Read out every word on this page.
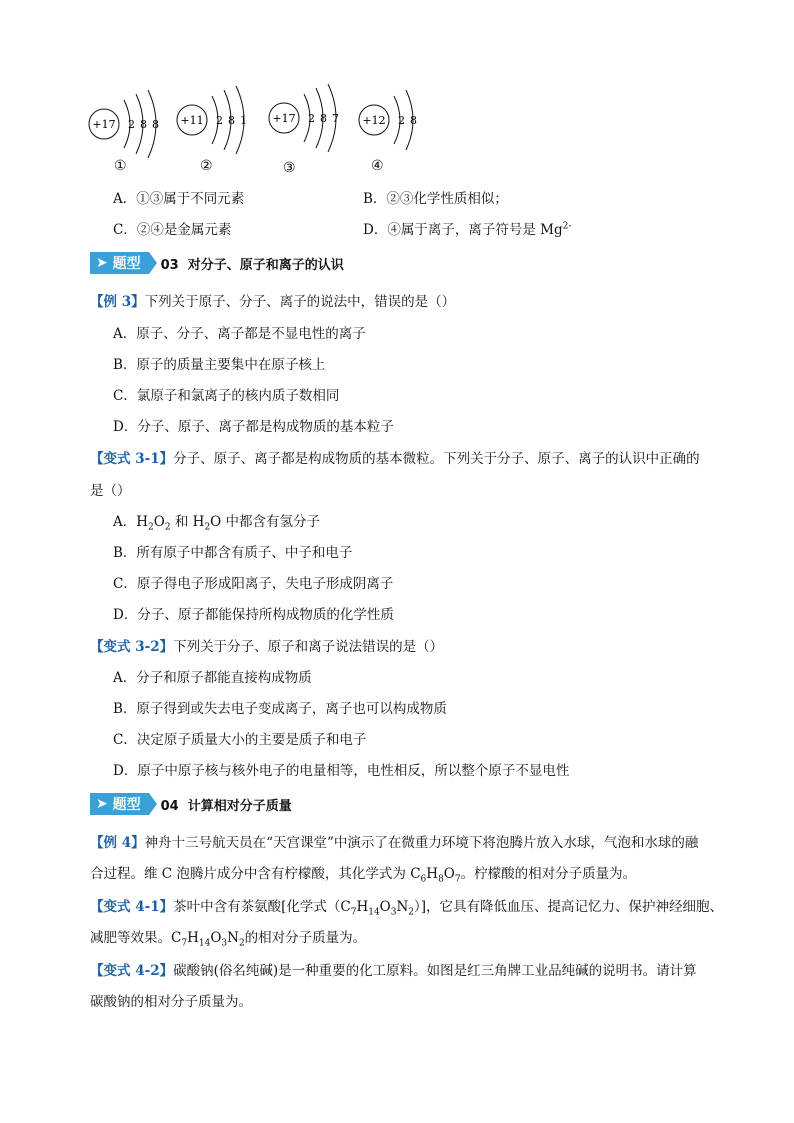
+17 2 8 8
①
+11 2 8 1
②
+17 2 8 7
③
+12 2 8
④
A．①③属于不同元素	B．②③化学性质相似；
C．②④是金属元素	D．④属于离子，离子符号是 $Mg^{2-}$
➤
题型 03 对分子、原子和离子的认识
【例 3】下列关于原子、分子、离子的说法中，错误的是（）
A．原子、分子、离子都是不显电性的离子
B．原子的质量主要集中在原子核上
C．氯原子和氯离子的核内质子数相同
D．分子、原子、离子都是构成物质的基本粒子
【变式 3-1】分子、原子、离子都是构成物质的基本微粒。下列关于分子、原子、离子的认识中正确的
是（）
A．$H_2O_2$ 和 $H_2O$ 中都含有氢分子
B．所有原子中都含有质子、中子和电子
C．原子得电子形成阳离子，失电子形成阴离子
D．分子、原子都能保持所构成物质的化学性质
【变式 3-2】下列关于分子、原子和离子说法错误的是（）
A．分子和原子都能直接构成物质
B．原子得到或失去电子变成离子，离子也可以构成物质
C．决定原子质量大小的主要是质子和电子
D．原子中原子核与核外电子的电量相等，电性相反，所以整个原子不显电性
➤
题型 04 计算相对分子质量
【例 4】神舟十三号航天员在“天宫课堂”中演示了在微重力环境下将泡腾片放入水球，气泡和水球的融
合过程。维 C 泡腾片成分中含有柠檬酸，其化学式为 $C_6H_8O_7$。柠檬酸的相对分子质量为。
【变式 4-1】茶叶中含有茶氨酸[化学式$(C_7H_{14}O_3N_2)$]，它具有降低血压、提高记忆力、保护神经细胞、
减肥等效果。$C_7H_{14}O_3N_2$的相对分子质量为。
【变式 4-2】碳酸钠(俗名纯碱)是一种重要的化工原料。如图是红三角牌工业品纯碱的说明书。请计算
碳酸钠的相对分子质量为。
